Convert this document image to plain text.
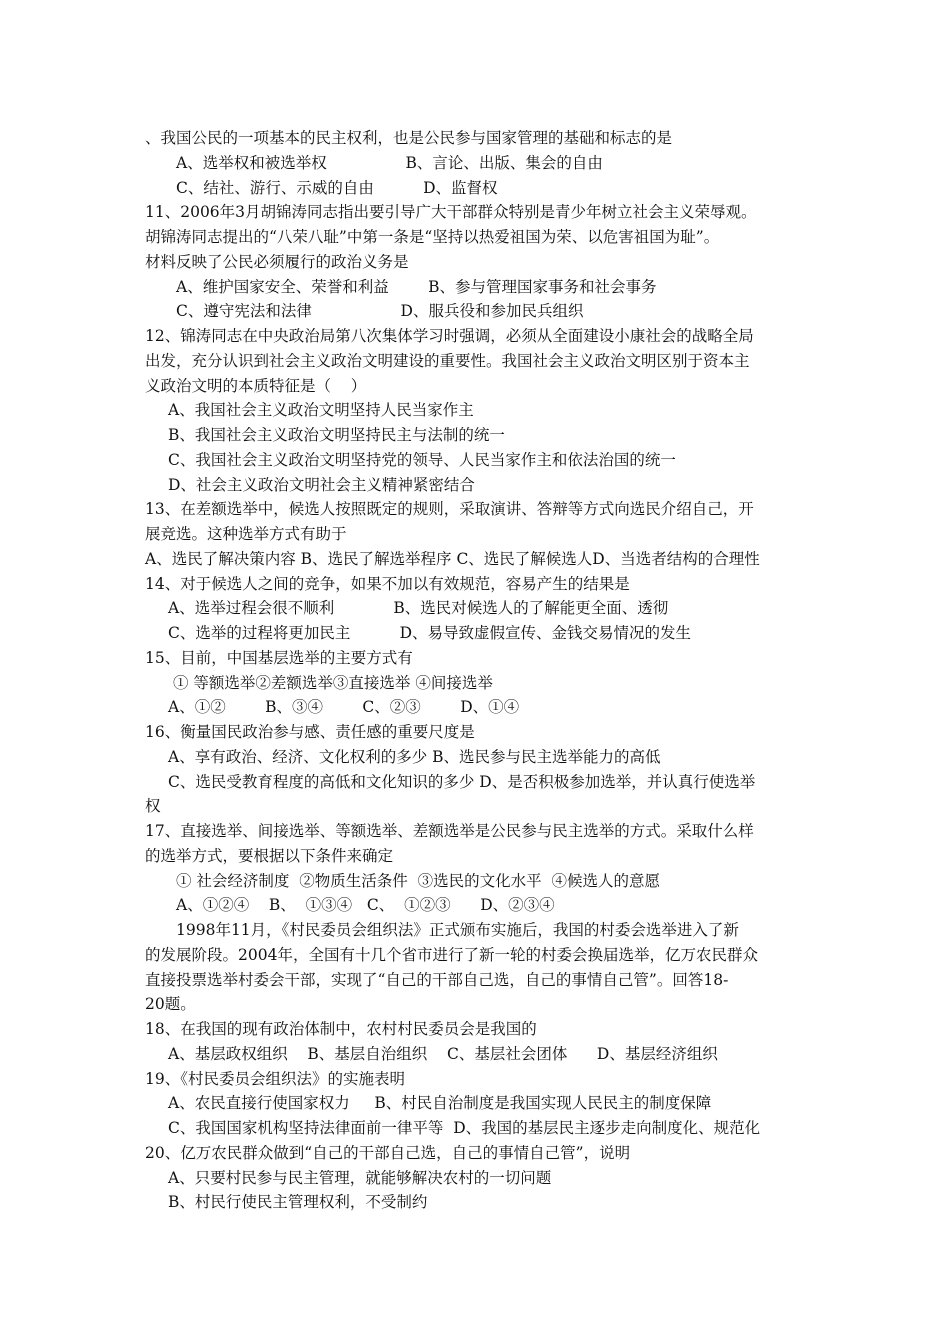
、我国公民的一项基本的民主权利，也是公民参与国家管理的基础和标志的是
A、选举权和被选举权                B、言论、出版、集会的自由
C、结社、游行、示威的自由          D、监督权
11、2006年3月胡锦涛同志指出要引导广大干部群众特别是青少年树立社会主义荣辱观。
胡锦涛同志提出的“八荣八耻”中第一条是“坚持以热爱祖国为荣、以危害祖国为耻”。
材料反映了公民必须履行的政治义务是
A、维护国家安全、荣誉和利益        B、参与管理国家事务和社会事务
C、遵守宪法和法律                  D、服兵役和参加民兵组织
12、锦涛同志在中央政治局第八次集体学习时强调，必须从全面建设小康社会的战略全局
出发，充分认识到社会主义政治文明建设的重要性。我国社会主义政治文明区别于资本主
义政治文明的本质特征是（    ）
A、我国社会主义政治文明坚持人民当家作主
B、我国社会主义政治文明坚持民主与法制的统一
C、我国社会主义政治文明坚持党的领导、人民当家作主和依法治国的统一
D、社会主义政治文明社会主义精神紧密结合
13、在差额选举中，候选人按照既定的规则，采取演讲、答辩等方式向选民介绍自己，开
展竞选。这种选举方式有助于
A、选民了解决策内容 B、选民了解选举程序 C、选民了解候选人D、当选者结构的合理性
14、对于候选人之间的竞争，如果不加以有效规范，容易产生的结果是
A、选举过程会很不顺利            B、选民对候选人的了解能更全面、透彻
C、选举的过程将更加民主          D、易导致虚假宣传、金钱交易情况的发生
15、目前，中国基层选举的主要方式有
① 等额选举②差额选举③直接选举 ④间接选举
A、①②        B、③④        C、②③        D、①④
16、衡量国民政治参与感、责任感的重要尺度是
A、享有政治、经济、文化权利的多少 B、选民参与民主选举能力的高低
C、选民受教育程度的高低和文化知识的多少 D、是否积极参加选举，并认真行使选举
权
17、直接选举、间接选举、等额选举、差额选举是公民参与民主选举的方式。采取什么样
的选举方式，要根据以下条件来确定
① 社会经济制度  ②物质生活条件  ③选民的文化水平  ④候选人的意愿
A、①②④    B、  ①③④   C、  ①②③      D、②③④
1998年11月，《村民委员会组织法》正式颁布实施后，我国的村委会选举进入了新
的发展阶段。2004年，全国有十几个省市进行了新一轮的村委会换届选举，亿万农民群众
直接投票选举村委会干部，实现了“自己的干部自己选，自己的事情自己管”。回答18-
20题。
18、在我国的现有政治体制中，农村村民委员会是我国的
A、基层政权组织    B、基层自治组织    C、基层社会团体      D、基层经济组织
19、《村民委员会组织法》的实施表明
A、农民直接行使国家权力     B、村民自治制度是我国实现人民民主的制度保障
C、我国国家机构坚持法律面前一律平等  D、我国的基层民主逐步走向制度化、规范化
20、亿万农民群众做到“自己的干部自己选，自己的事情自己管”，说明
A、只要村民参与民主管理，就能够解决农村的一切问题
B、村民行使民主管理权利，不受制约
